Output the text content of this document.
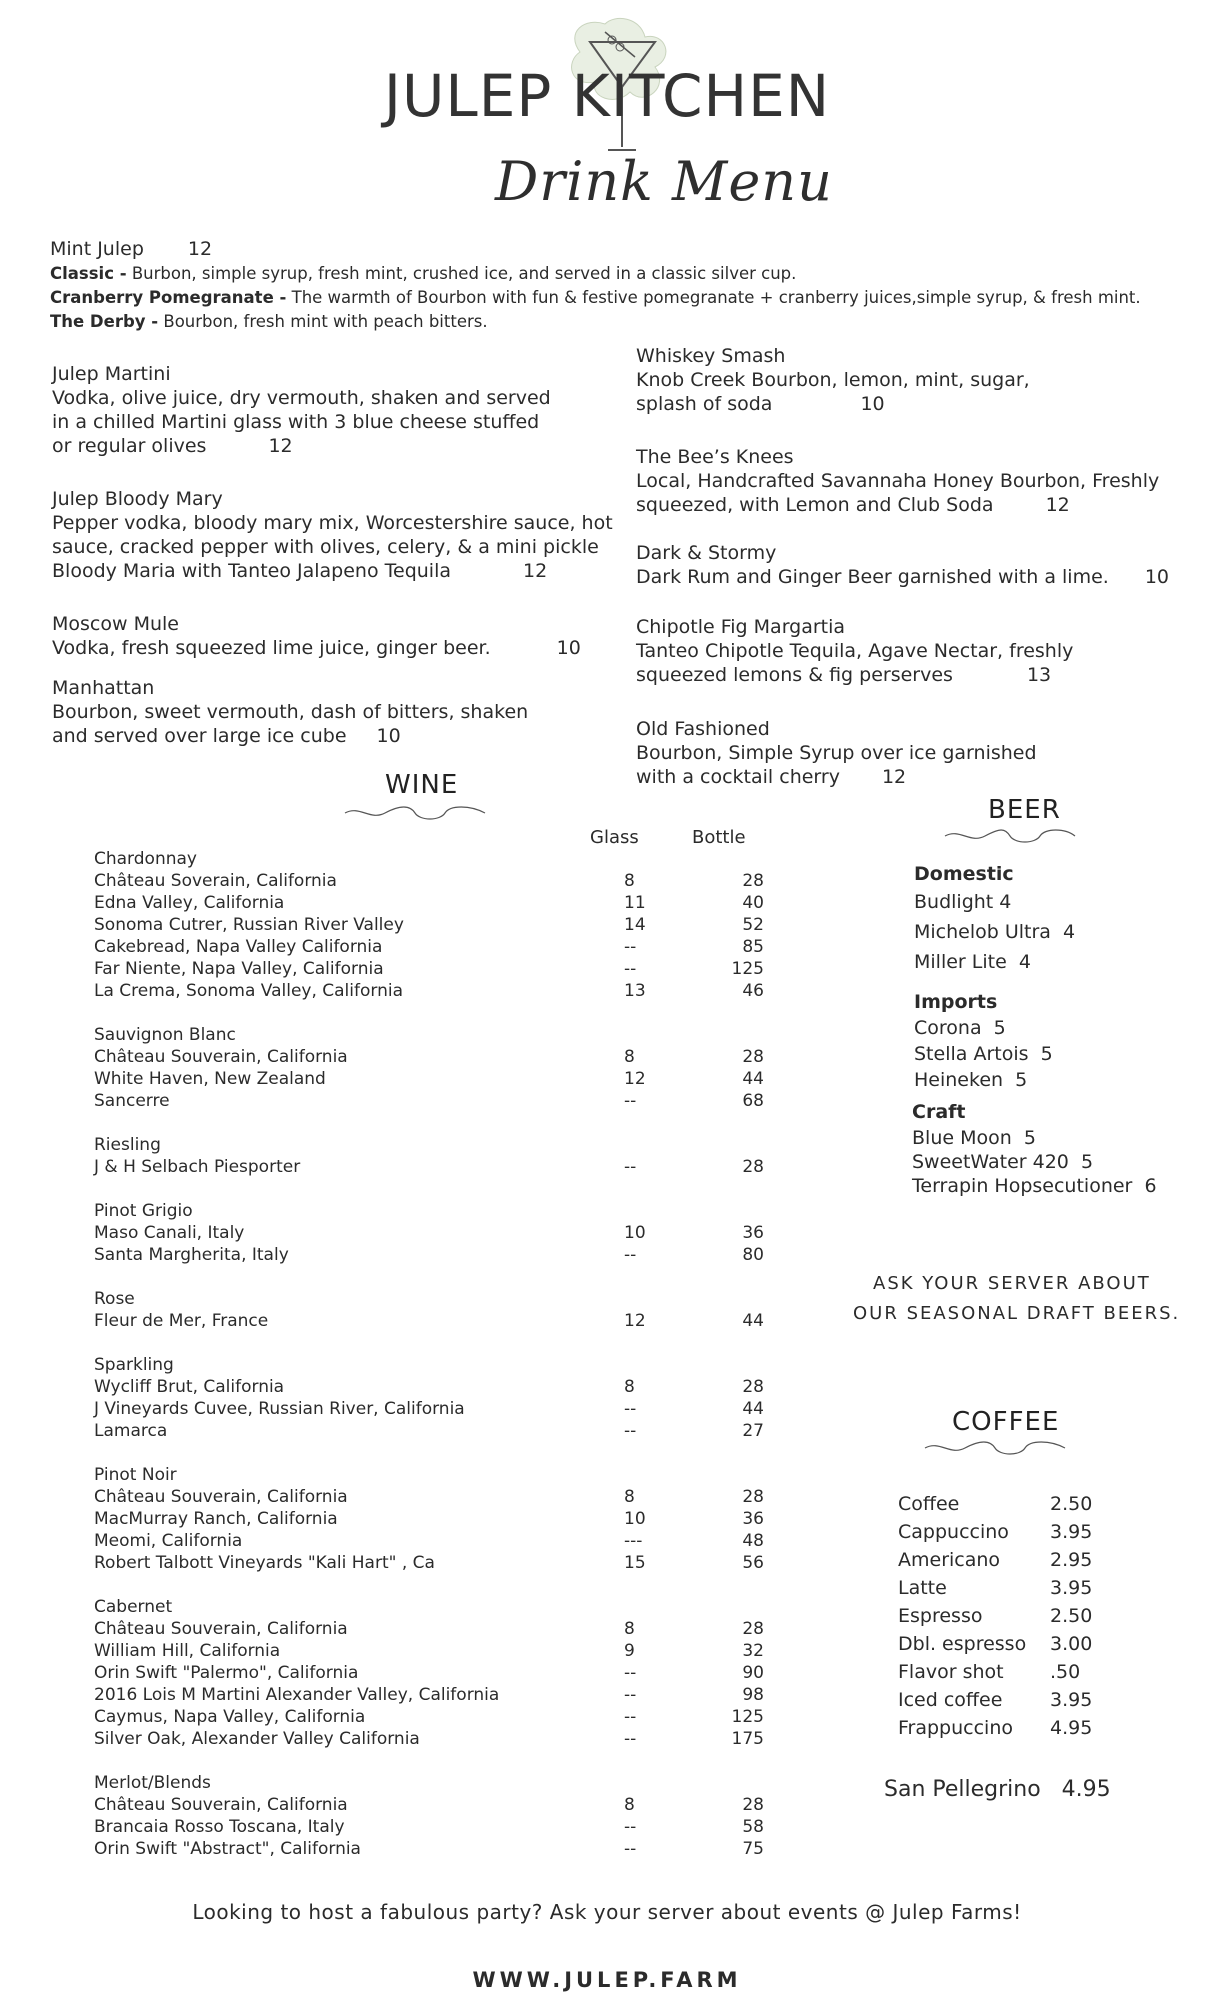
JULEP KITCHEN
Drink Menu
Mint Julep 12
Classic - Burbon, simple syrup, fresh mint, crushed ice, and served in a classic silver cup.
Cranberry Pomegranate - The warmth of Bourbon with fun & festive pomegranate + cranberry juices,simple syrup, & fresh mint.
The Derby - Bourbon, fresh mint with peach bitters.
Julep Martini
Vodka, olive juice, dry vermouth, shaken and served
in a chilled Martini glass with 3 blue cheese stuffed
or regular olives	12
Julep Bloody Mary
Pepper vodka, bloody mary mix, Worcestershire sauce, hot
sauce, cracked pepper with olives, celery, & a mini pickle
Bloody Maria with Tanteo Jalapeno Tequila	12
Moscow Mule
Vodka, fresh squeezed lime juice, ginger beer.	10
Manhattan
Bourbon, sweet vermouth, dash of bitters, shaken
and served over large ice cube 10
Whiskey Smash
Knob Creek Bourbon, lemon, mint, sugar,
splash of soda	10
The Bee’s Knees
Local, Handcrafted Savannaha Honey Bourbon, Freshly
squeezed, with Lemon and Club Soda	12
Dark & Stormy
Dark Rum and Ginger Beer garnished with a lime. 10
Chipotle Fig Margartia
Tanteo Chipotle Tequila, Agave Nectar, freshly
squeezed lemons & fig perserves	13
Old Fashioned
Bourbon, Simple Syrup over ice garnished
with a cocktail cherry 12
WINE
Glass	Bottle
Chardonnay
Château Soverain, California	8	28
Edna Valley, California	11	40
Sonoma Cutrer, Russian River Valley	14	52
Cakebread, Napa Valley California	--	85
Far Niente, Napa Valley, California	--	125
La Crema, Sonoma Valley, California	13	46
Sauvignon Blanc
Château Souverain, California	8	28
White Haven, New Zealand	12	44
Sancerre	--	68
Riesling
J & H Selbach Piesporter	--	28
Pinot Grigio
Maso Canali, Italy	10	36
Santa Margherita, Italy	--	80
Rose
Fleur de Mer, France	12	44
Sparkling
Wycliff Brut, California	8	28
J Vineyards Cuvee, Russian River, California	--	44
Lamarca	--	27
Pinot Noir
Château Souverain, California	8	28
MacMurray Ranch, California	10	36
Meomi, California	---	48
Robert Talbott Vineyards "Kali Hart" , Ca	15	56
Cabernet
Château Souverain, California	8	28
William Hill, California	9	32
Orin Swift "Palermo", California	--	90
2016 Lois M Martini Alexander Valley, California	--	98
Caymus, Napa Valley, California	--	125
Silver Oak, Alexander Valley California	--	175
Merlot/Blends
Château Souverain, California	8	28
Brancaia Rosso Toscana, Italy	--	58
Orin Swift "Abstract", California	--	75
BEER
Domestic
Budlight 4
Michelob Ultra  4
Miller Lite  4
Imports
Corona  5
Stella Artois  5
Heineken  5
Craft
Blue Moon  5
SweetWater 420  5
Terrapin Hopsecutioner  6
ASK YOUR SERVER ABOUT
OUR SEASONAL DRAFT BEERS.
COFFEE
Coffee	2.50
Cappuccino 3.95
Americano	2.95
Latte	3.95
Espresso	2.50
Dbl. espresso 3.00
Flavor shot .50
Iced coffee	3.95
Frappuccino 4.95
San Pellegrino   4.95
Looking to host a fabulous party? Ask your server about events @ Julep Farms!
WWW.JULEP.FARM
